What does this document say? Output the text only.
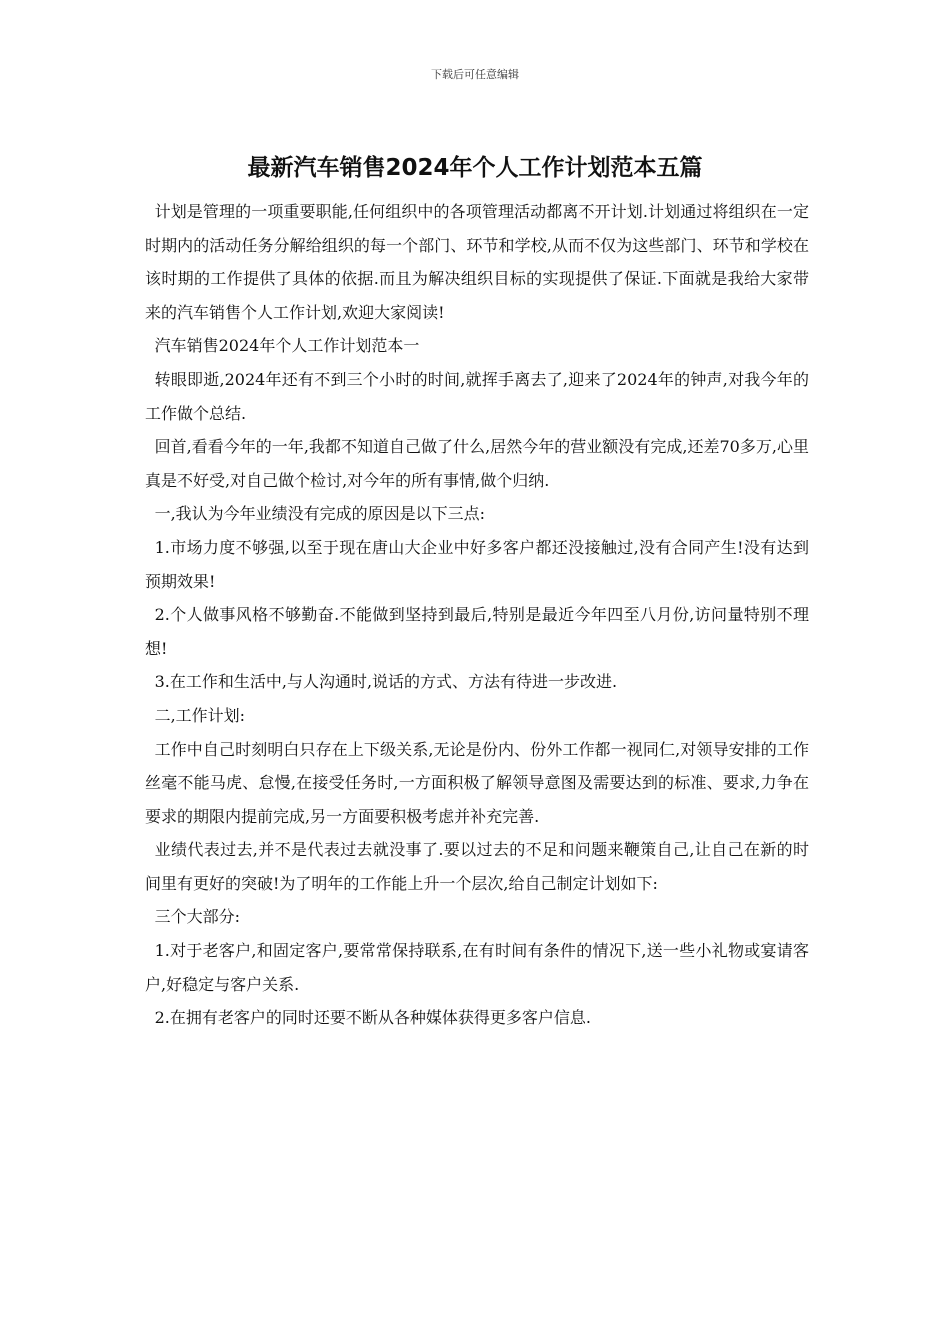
下载后可任意编辑
最新汽车销售2024年个人工作计划范本五篇

计划是管理的一项重要职能,任何组织中的各项管理活动都离不开计划.计划通过将组织在一定时期内的活动任务分解给组织的每一个部门、环节和学校,从而不仅为这些部门、环节和学校在该时期的工作提供了具体的依据.而且为解决组织目标的实现提供了保证.下面就是我给大家带来的汽车销售个人工作计划,欢迎大家阅读!

汽车销售2024年个人工作计划范本一

转眼即逝,2024年还有不到三个小时的时间,就挥手离去了,迎来了2024年的钟声,对我今年的工作做个总结.

回首,看看今年的一年,我都不知道自己做了什么,居然今年的营业额没有完成,还差70多万,心里真是不好受,对自己做个检讨,对今年的所有事情,做个归纳.

一,我认为今年业绩没有完成的原因是以下三点:

1.市场力度不够强,以至于现在唐山大企业中好多客户都还没接触过,没有合同产生!没有达到预期效果!

2.个人做事风格不够勤奋.不能做到坚持到最后,特别是最近今年四至八月份,访问量特别不理想!

3.在工作和生活中,与人沟通时,说话的方式、方法有待进一步改进.

二,工作计划:

工作中自己时刻明白只存在上下级关系,无论是份内、份外工作都一视同仁,对领导安排的工作丝毫不能马虎、怠慢,在接受任务时,一方面积极了解领导意图及需要达到的标准、要求,力争在要求的期限内提前完成,另一方面要积极考虑并补充完善.

业绩代表过去,并不是代表过去就没事了.要以过去的不足和问题来鞭策自己,让自己在新的时间里有更好的突破!为了明年的工作能上升一个层次,给自己制定计划如下:

三个大部分:

1.对于老客户,和固定客户,要常常保持联系,在有时间有条件的情况下,送一些小礼物或宴请客户,好稳定与客户关系.

2.在拥有老客户的同时还要不断从各种媒体获得更多客户信息.
